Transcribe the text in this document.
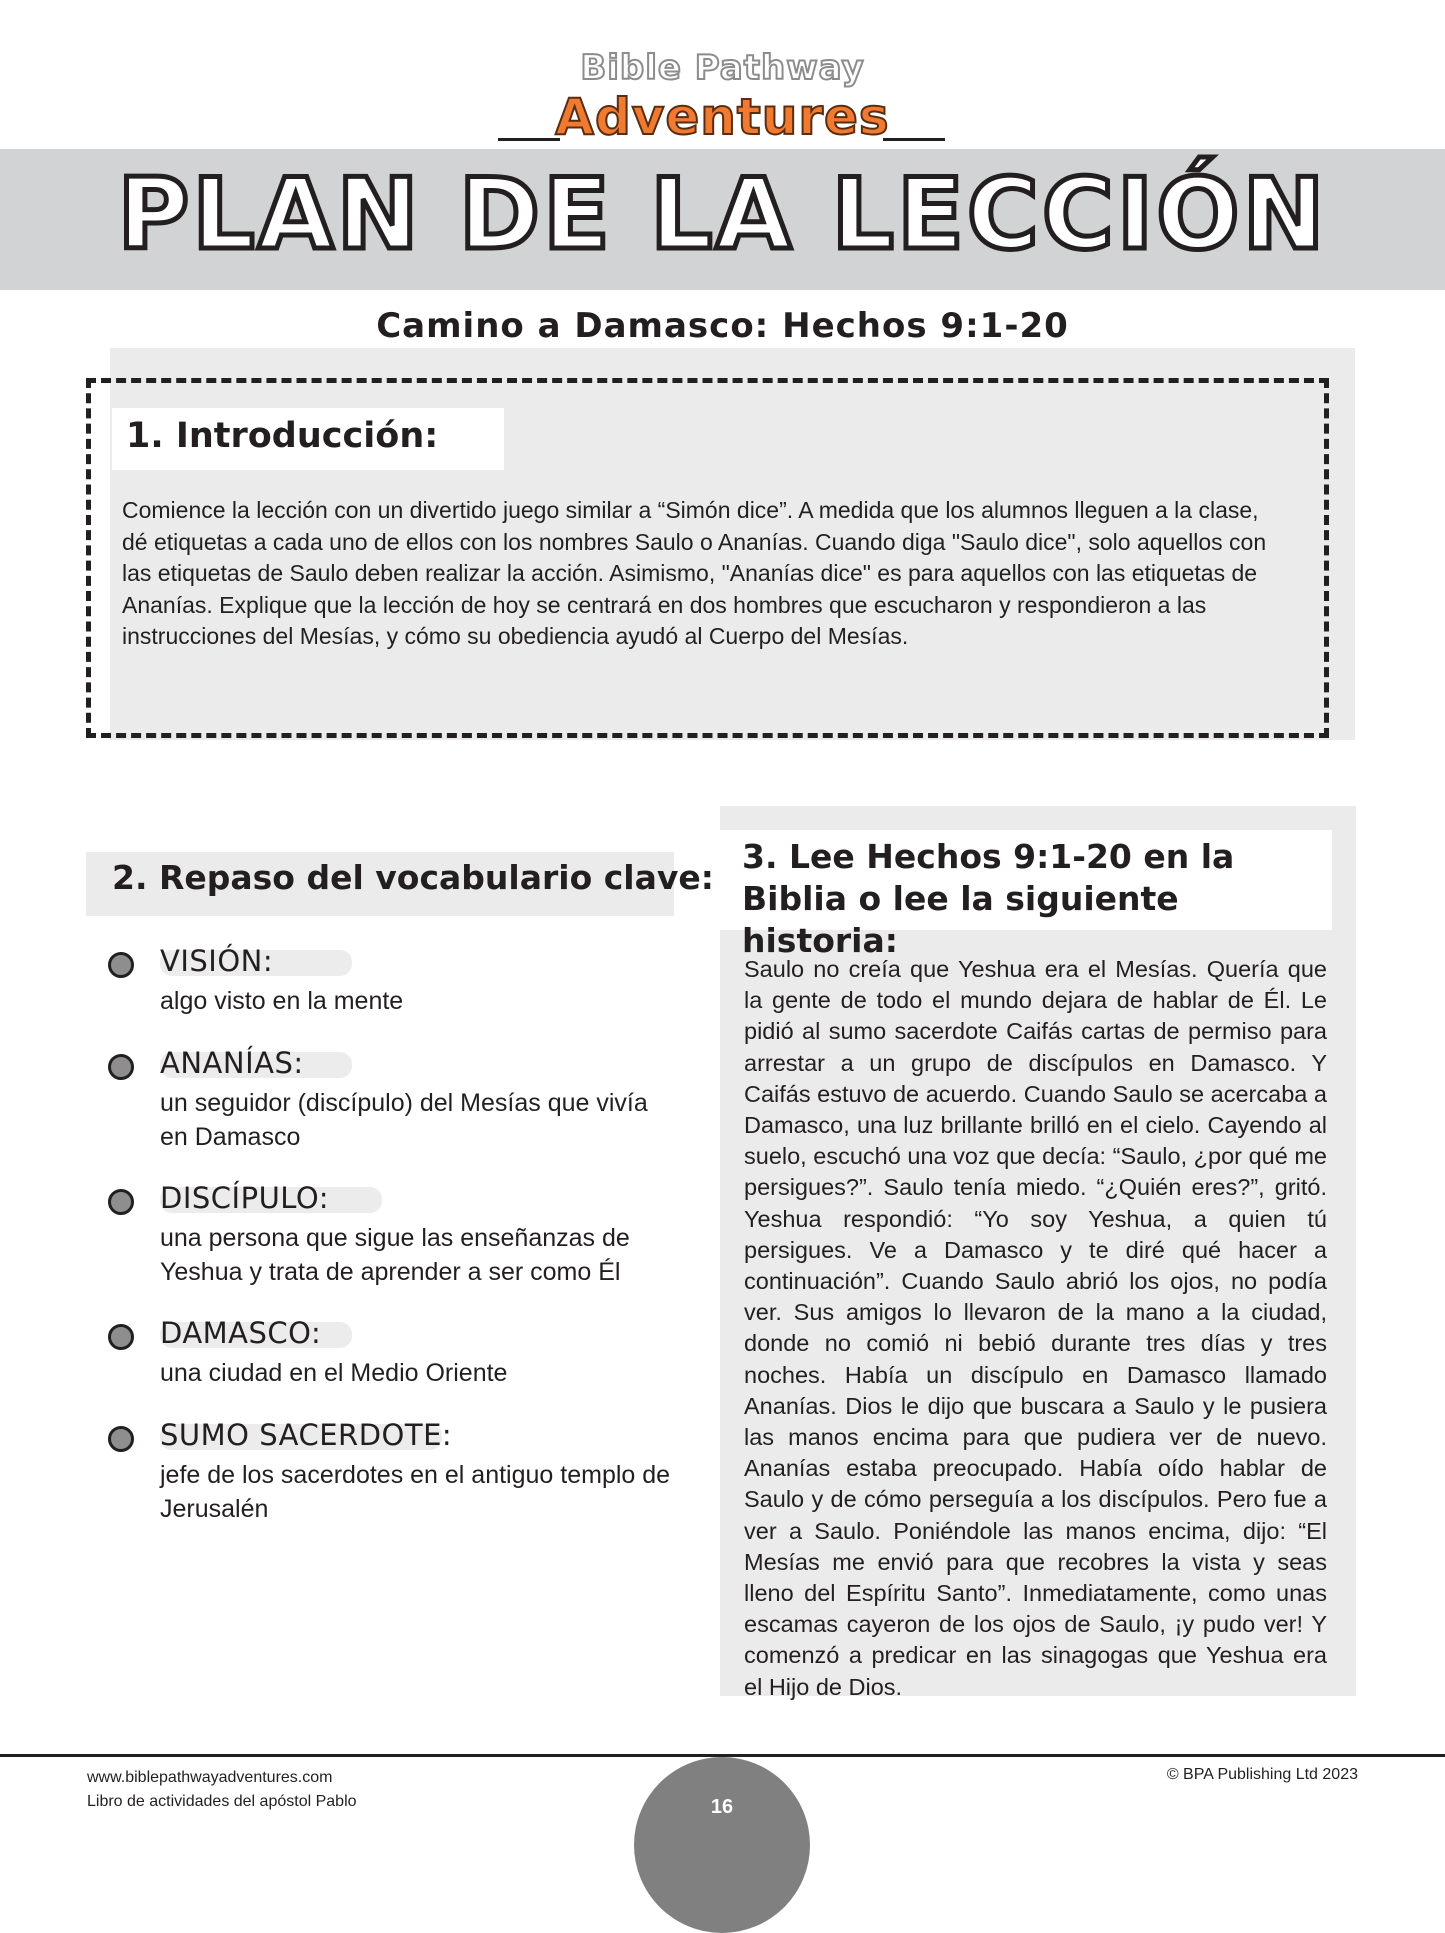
Bible Pathway
Adventures
PLAN DE LA LECCIÓN
Camino a Damasco: Hechos 9:1-20
1. Introducción:
Comience la lección con un divertido juego similar a “Simón dice”. A medida que los alumnos lleguen a la clase, dé etiquetas a cada uno de ellos con los nombres Saulo o Ananías. Cuando diga "Saulo dice", solo aquellos con las etiquetas de Saulo deben realizar la acción. Asimismo, "Ananías dice" es para aquellos con las etiquetas de Ananías. Explique que la lección de hoy se centrará en dos hombres que escucharon y respondieron a las instrucciones del Mesías, y cómo su obediencia ayudó al Cuerpo del Mesías.
2. Repaso del vocabulario clave:
VISIÓN:
algo visto en la mente
ANANÍAS:
un seguidor (discípulo) del Mesías que vivía en Damasco
DISCÍPULO:
una persona que sigue las enseñanzas de Yeshua y trata de aprender a ser como Él
DAMASCO:
una ciudad en el Medio Oriente
SUMO SACERDOTE:
jefe de los sacerdotes en el antiguo templo de Jerusalén
3. Lee Hechos 9:1-20 en la Biblia o lee la siguiente historia:
Saulo no creía que Yeshua era el Mesías. Quería que la gente de todo el mundo dejara de hablar de Él. Le pidió al sumo sacerdote Caifás cartas de permiso para arrestar a un grupo de discípulos en Damasco. Y Caifás estuvo de acuerdo. Cuando Saulo se acercaba a Damasco, una luz brillante brilló en el cielo. Cayendo al suelo, escuchó una voz que decía: “Saulo, ¿por qué me persigues?”. Saulo tenía miedo. “¿Quién eres?”, gritó. Yeshua respondió: “Yo soy Yeshua, a quien tú persigues. Ve a Damasco y te diré qué hacer a continuación”. Cuando Saulo abrió los ojos, no podía ver. Sus amigos lo llevaron de la mano a la ciudad, donde no comió ni bebió durante tres días y tres noches. Había un discípulo en Damasco llamado Ananías. Dios le dijo que buscara a Saulo y le pusiera las manos encima para que pudiera ver de nuevo. Ananías estaba preocupado. Había oído hablar de Saulo y de cómo perseguía a los discípulos. Pero fue a ver a Saulo. Poniéndole las manos encima, dijo: “El Mesías me envió para que recobres la vista y seas lleno del Espíritu Santo”. Inmediatamente, como unas escamas cayeron de los ojos de Saulo, ¡y pudo ver! Y comenzó a predicar en las sinagogas que Yeshua era el Hijo de Dios.
www.biblepathwayadventures.com
Libro de actividades del apóstol Pablo
© BPA Publishing Ltd 2023
16
